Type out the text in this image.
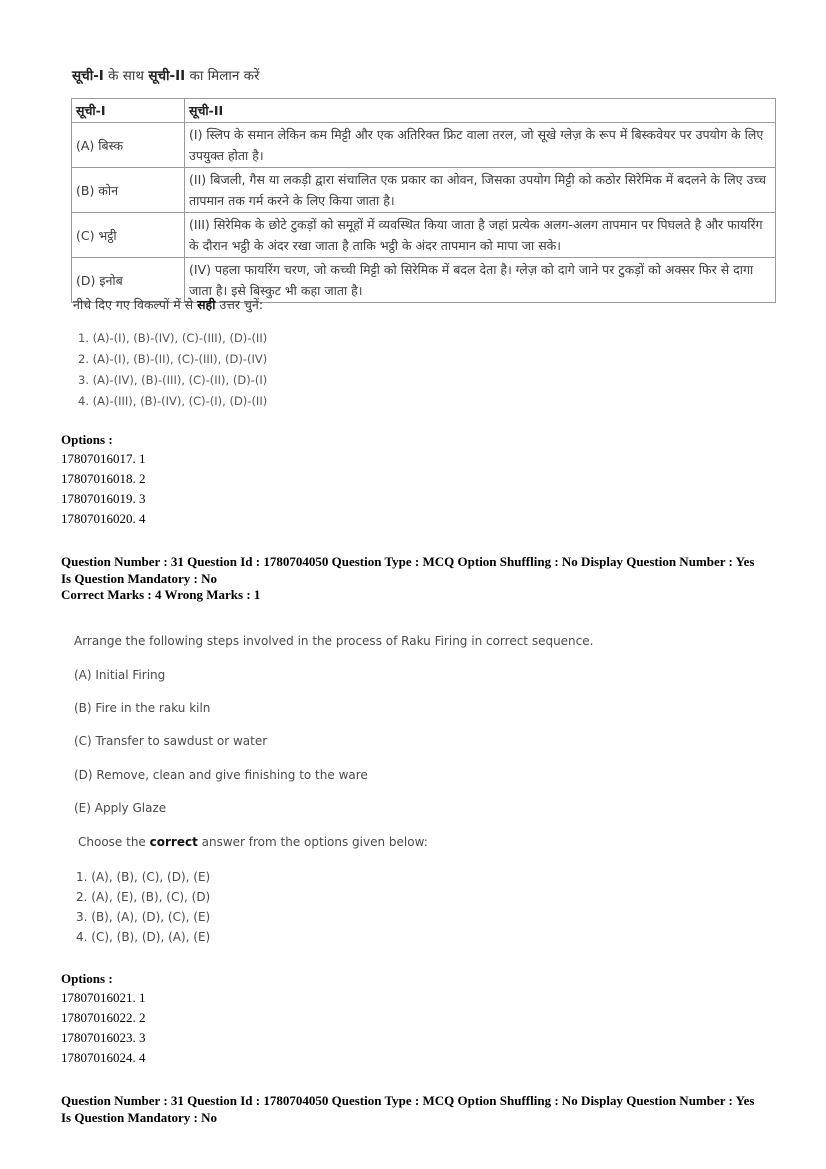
सूची-I के साथ सूची-II का मिलान करें
सूची-I	सूची-II
(A) बिस्क	(I) स्लिप के समान लेकिन कम मिट्टी और एक अतिरिक्त फ्रिट वाला तरल, जो सूखे ग्लेज़ के रूप में बिस्कवेयर पर उपयोग के लिए उपयुक्त होता है।
(B) कोन	(II) बिजली, गैस या लकड़ी द्वारा संचालित एक प्रकार का ओवन, जिसका उपयोग मिट्टी को कठोर सिरेमिक में बदलने के लिए उच्च तापमान तक गर्म करने के लिए किया जाता है।
(C) भट्ठी	(III) सिरेमिक के छोटे टुकड़ों को समूहों में व्यवस्थित किया जाता है जहां प्रत्येक अलग-अलग तापमान पर पिघलते है और फायरिंग के दौरान भट्ठी के अंदर रखा जाता है ताकि भट्ठी के अंदर तापमान को मापा जा सके।
(D) इनोब	(IV) पहला फायरिंग चरण, जो कच्ची मिट्टी को सिरेमिक में बदल देता है। ग्लेज़ को दागे जाने पर टुकड़ों को अक्सर फिर से दागा जाता है। इसे बिस्कुट भी कहा जाता है।
नीचे दिए गए विकल्पों में से सही उत्तर चुनें:
1. (A)-(I), (B)-(IV), (C)-(III), (D)-(II)
2. (A)-(I), (B)-(II), (C)-(III), (D)-(IV)
3. (A)-(IV), (B)-(III), (C)-(II), (D)-(I)
4. (A)-(III), (B)-(IV), (C)-(I), (D)-(II)
Options :
17807016017. 1
17807016018. 2
17807016019. 3
17807016020. 4
Question Number : 31 Question Id : 1780704050 Question Type : MCQ Option Shuffling : No Display Question Number : Yes
Is Question Mandatory : No
Correct Marks : 4 Wrong Marks : 1
Arrange the following steps involved in the process of Raku Firing in correct sequence.
(A) Initial Firing
(B) Fire in the raku kiln
(C) Transfer to sawdust or water
(D) Remove, clean and give finishing to the ware
(E) Apply Glaze
Choose the correct answer from the options given below:
1. (A), (B), (C), (D), (E)
2. (A), (E), (B), (C), (D)
3. (B), (A), (D), (C), (E)
4. (C), (B), (D), (A), (E)
Options :
17807016021. 1
17807016022. 2
17807016023. 3
17807016024. 4
Question Number : 31 Question Id : 1780704050 Question Type : MCQ Option Shuffling : No Display Question Number : Yes
Is Question Mandatory : No
